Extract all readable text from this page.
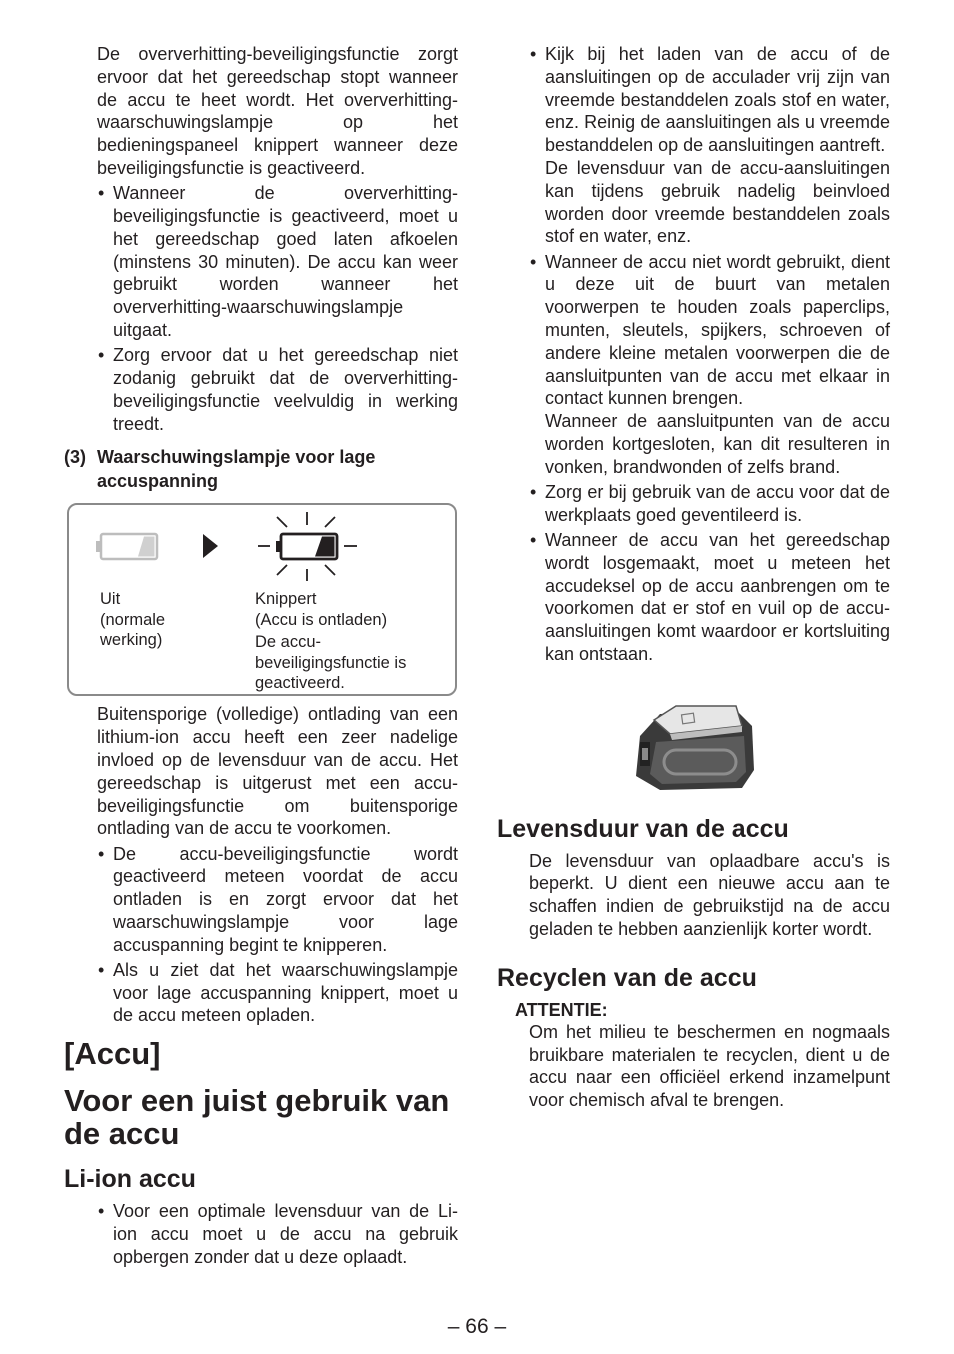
De oververhitting-beveiligingsfunctie zorgt ervoor dat het gereedschap stopt wanneer de accu te heet wordt. Het oververhitting-waarschuwingslampje op het bedieningspaneel knippert wanneer deze beveiligingsfunctie is geactiveerd.

• Wanneer de oververhitting-beveiligingsfunctie is geactiveerd, moet u het gereedschap goed laten afkoelen (minstens 30 minuten). De accu kan weer gebruikt worden wanneer het oververhitting-waarschuwingslampje uitgaat.
• Zorg ervoor dat u het gereedschap niet zodanig gebruikt dat de oververhitting-beveiligingsfunctie veelvuldig in werking treedt.
(3) Waarschuwingslampje voor lage accuspanning
Uit
(normale
werking)
Knippert
(Accu is ontladen)
De accu-
beveiligingsfunctie is
geactiveerd.

Buitensporige (volledige) ontlading van een lithium-ion accu heeft een zeer nadelige invloed op de levensduur van de accu. Het gereedschap is uitgerust met een accu-beveiligingsfunctie om buitensporige ontlading van de accu te voorkomen.

• De accu-beveiligingsfunctie wordt geactiveerd meteen voordat de accu ontladen is en zorgt ervoor dat het waarschuwingslampje voor lage accuspanning begint te knipperen.
• Als u ziet dat het waarschuwingslampje voor lage accuspanning knippert, moet u de accu meteen opladen.
[Accu]
Voor een juist gebruik van de accu
Li-ion accu
• Voor een optimale levensduur van de Li-ion accu moet u de accu na gebruik opbergen zonder dat u deze oplaadt.
• Kijk bij het laden van de accu of de aansluitingen op de acculader vrij zijn van vreemde bestanddelen zoals stof en water, enz. Reinig de aansluitingen als u vreemde bestanddelen op de aansluitingen aantreft.
De levensduur van de accu-aansluitingen kan tijdens gebruik nadelig beinvloed worden door vreemde bestanddelen zoals stof en water, enz.
• Wanneer de accu niet wordt gebruikt, dient u deze uit de buurt van metalen voorwerpen te houden zoals paperclips, munten, sleutels, spijkers, schroeven of andere kleine metalen voorwerpen die de aansluitpunten van de accu met elkaar in contact kunnen brengen.
Wanneer de aansluitpunten van de accu worden kortgesloten, kan dit resulteren in vonken, brandwonden of zelfs brand.
• Zorg er bij gebruik van de accu voor dat de werkplaats goed geventileerd is.
• Wanneer de accu van het gereedschap wordt losgemaakt, moet u meteen het accudeksel op de accu aanbrengen om te voorkomen dat er stof en vuil op de accu-aansluitingen komt waardoor er kortsluiting kan ontstaan.
Levensduur van de accu

De levensduur van oplaadbare accu's is beperkt. U dient een nieuwe accu aan te schaffen indien de gebruikstijd na de accu geladen te hebben aanzienlijk korter wordt.

Recyclen van de accu
ATTENTIE:

Om het milieu te beschermen en nogmaals bruikbare materialen te recyclen, dient u de accu naar een officiëel erkend inzamelpunt voor chemisch afval te brengen.

– 66 –
